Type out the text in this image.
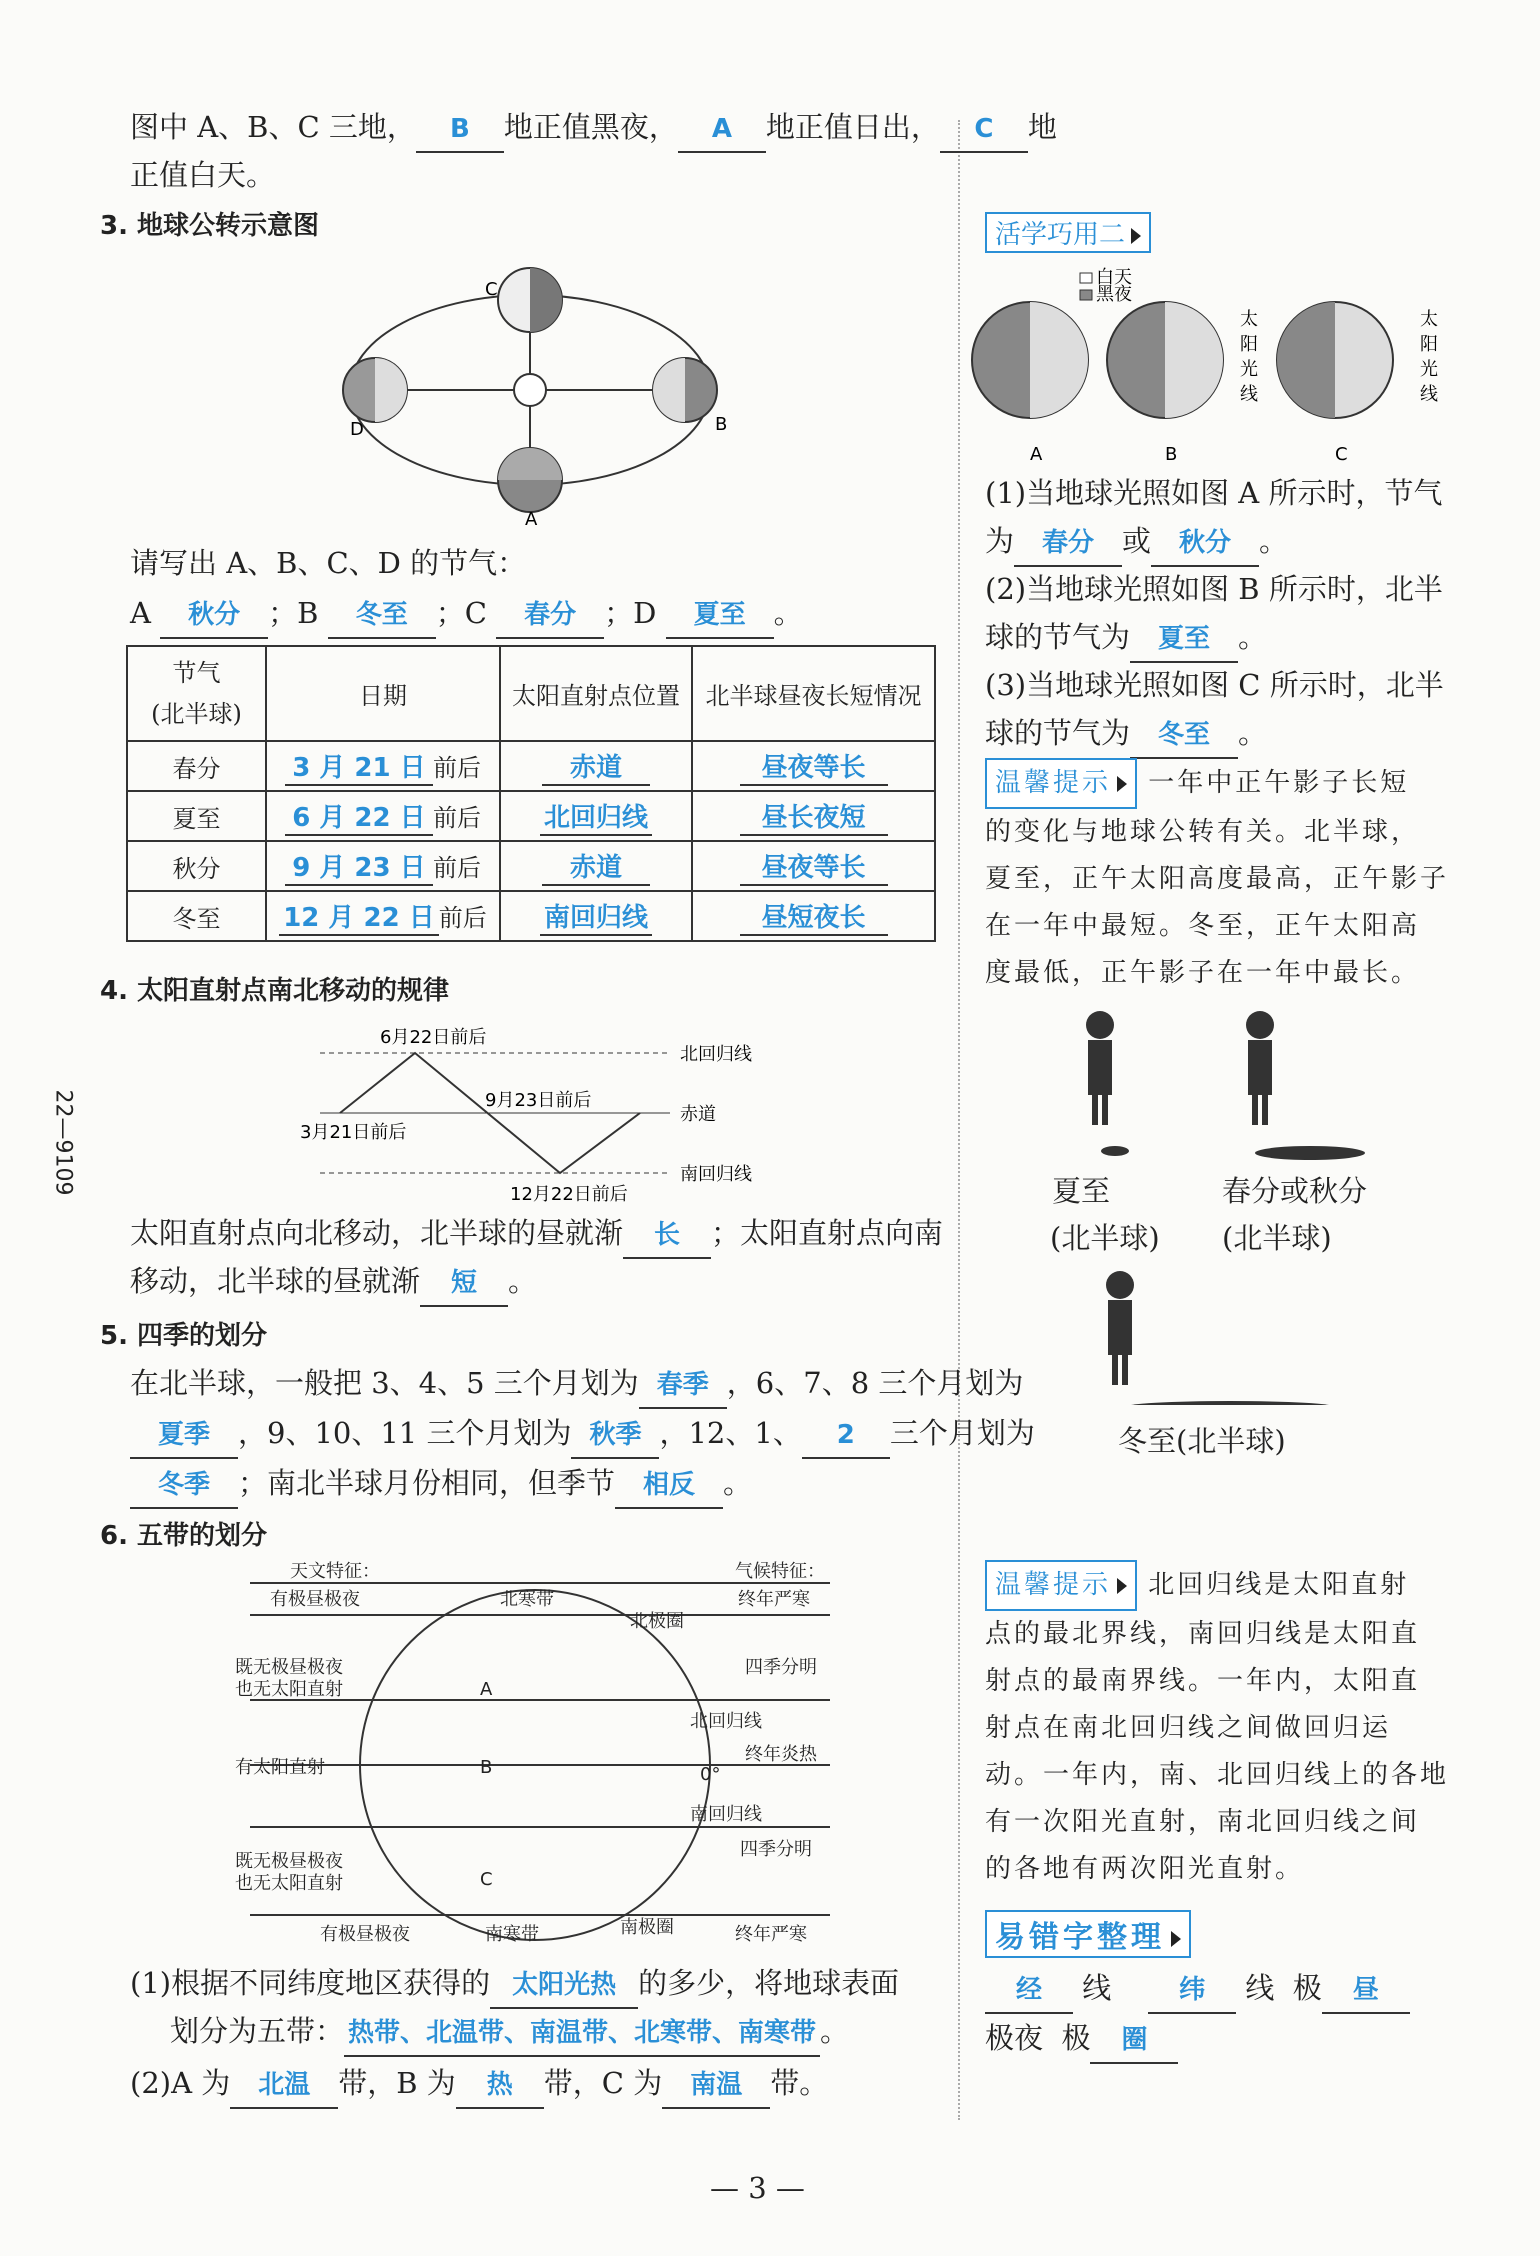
图中 A、B、C 三地， B 地正值黑夜， A 地正值日出， C 地
正值白天。
3. 地球公转示意图
C
D	B
A
请写出 A、B、C、D 的节气：
A 秋分 ；B 冬至 ；C 春分 ；D 夏至 。
节气
(北半球)	日期	太阳直射点位置	北半球昼夜长短情况
春分	3 月 21 日 前后	赤道	昼夜等长
夏至	6 月 22 日 前后	北回归线	昼长夜短
秋分	9 月 23 日 前后	赤道	昼夜等长
冬至	12 月 22 日 前后	南回归线	昼短夜长
4. 太阳直射点南北移动的规律
6月22日前后
9月23日前后
3月21日前后
12月22日前后
北回归线
赤道
南回归线
太阳直射点向北移动，北半球的昼就渐 长 ；太阳直射点向南
移动，北半球的昼就渐 短 。
5. 四季的划分
在北半球，一般把 3、4、5 三个月划为 春季 ，6、7、8 三个月划为
夏季 ，9、10、11 三个月划为 秋季 ，12、1、 2 三个月划为
冬季 ；南北半球月份相同，但季节 相反 。
6. 五带的划分
天文特征：	气候特征：
有极昼极夜	北寒带
北极圈
终年严寒
既无极昼极夜
也无太阳直射	A
四季分明
北回归线
有太阳直射	B	0°
终年炎热
南回归线
既无极昼极夜
也无太阳直射	C
四季分明
有极昼极夜	南寒带	南极圈	终年严寒
(1)根据不同纬度地区获得的 太阳光热 的多少，将地球表面
划分为五带： 热带、北温带、南温带、北寒带、南寒带 。
(2)A 为 北温 带，B 为 热 带，C 为 南温 带。
活学巧用二
白天
黑夜
A	B	C
太
阳
光
线
太
阳
光
线
(1)当地球光照如图 A 所示时，节气
为 春分 或 秋分 。
(2)当地球光照如图 B 所示时，北半
球的节气为 夏至 。
(3)当地球光照如图 C 所示时，北半
球的节气为 冬至 。
温馨提示 一年中正午影子长短
的变化与地球公转有关。北半球，
夏至，正午太阳高度最高，正午影子
在一年中最短。冬至，正午太阳高
度最低，正午影子在一年中最长。
夏至
(北半球)
春分或秋分
(北半球)
冬至(北半球)
温馨提示 北回归线是太阳直射
点的最北界线，南回归线是太阳直
射点的最南界线。一年内，太阳直
射点在南北回归线之间做回归运
动。一年内，南、北回归线上的各地
有一次阳光直射，南北回归线之间
的各地有两次阳光直射。
易错字整理
经 线	纬 线 极 昼
极夜 极 圈
— 3 —
22—9109
